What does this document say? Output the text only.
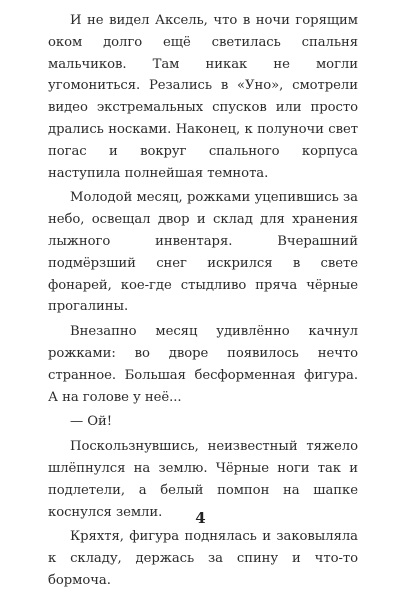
И не видел Аксель, что в ночи горящим оком долго ещё светилась спальня мальчиков. Там никак не могли угомониться. Резались в «Уно», смотрели видео экстремальных спусков или просто дрались носками. Наконец, к полуночи свет погас и вокруг спального корпуса наступила полнейшая темнота.

Молодой месяц, рожками уцепившись за небо, освещал двор и склад для хранения лыжного инвентаря. Вчерашний подмёрзший снег искрился в свете фонарей, кое-где стыдливо пряча чёрные прогалины.

Внезапно месяц удивлённо качнул рожками: во дворе появилось нечто странное. Большая бесформенная фигура. А на голове у неё...

— Ой!

Поскользнувшись, неизвестный тяжело шлёпнулся на землю. Чёрные ноги так и подлетели, а белый помпон на шапке коснулся земли.

Кряхтя, фигура поднялась и заковыляла к складу, держась за спину и что-то бормоча.

4
